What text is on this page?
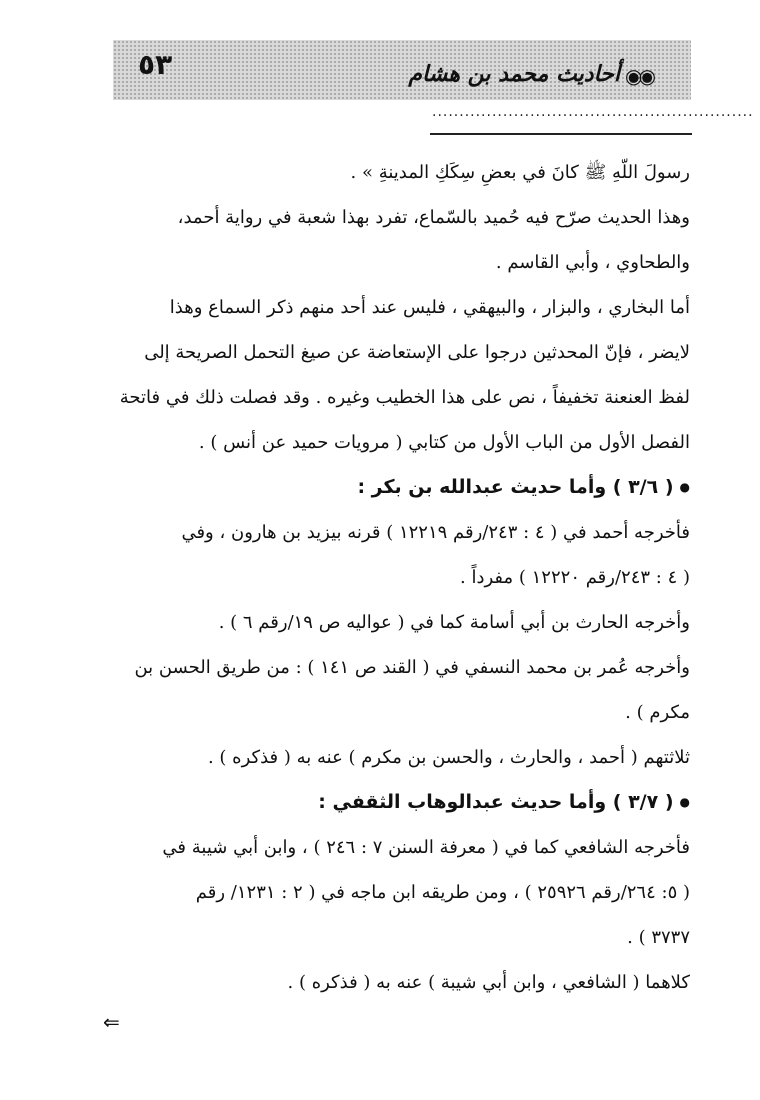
٥٣	أحاديث محمد بن هشام ◉◉
...........................................................
رسولَ اللّهِ ﷺ كانَ في بعضِ سِكَكِ المدينةِ » .
وهذا الحديث صرّح فيه حُميد بالسّماع، تفرد بهذا شعبة في رواية أحمد،
والطحاوي ، وأبي القاسم .
أما البخاري ، والبزار ، والبيهقي ، فليس عند أحد منهم ذكر السماع وهذا
لايضر ، فإنّ المحدثين درجوا على الإستعاضة عن صيغ التحمل الصريحة إلى
لفظ العنعنة تخفيفاً ، نص على هذا الخطيب وغيره . وقد فصلت ذلك في فاتحة
الفصل الأول من الباب الأول من كتابي ( مرويات حميد عن أنس ) .
●( ٣/٦ ) وأما حديث عبدالله بن بكر :
فأخرجه أحمد في ( ٤ : ٢٤٣/رقم ١٢٢١٩ ) قرنه بيزيد بن هارون ، وفي
( ٤ : ٢٤٣/رقم ١٢٢٢٠ ) مفرداً .
وأخرجه الحارث بن أبي أسامة كما في ( عواليه ص ١٩/رقم ٦ ) .
وأخرجه عُمر بن محمد النسفي في ( القند ص ١٤١ ) : من طريق الحسن بن
مكرم ) .
ثلاثتهم ( أحمد ، والحارث ، والحسن بن مكرم ) عنه به ( فذكره ) .
●( ٣/٧ ) وأما حديث عبدالوهاب الثقفي :
فأخرجه الشافعي كما في ( معرفة السنن ٧ : ٢٤٦ ) ، وابن أبي شيبة في
( ٥: ٢٦٤/رقم ٢٥٩٢٦ ) ، ومن طريقه ابن ماجه في ( ٢ : ١٢٣١/ رقم
٣٧٣٧ ) .
كلاهما ( الشافعي ، وابن أبي شيبة ) عنه به ( فذكره ) .
⇐
